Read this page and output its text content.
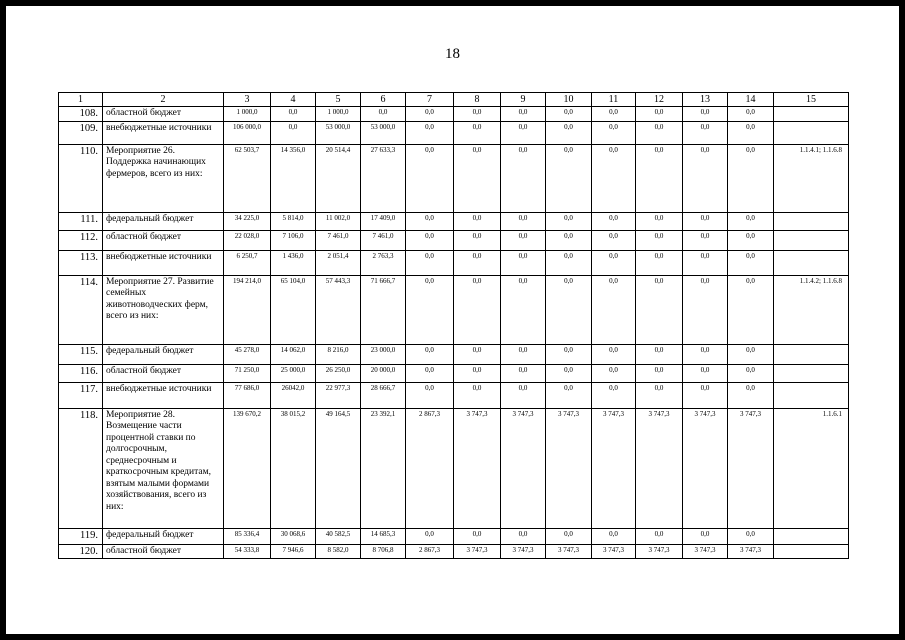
18
1	2	3	4	5	6	7	8	9	10	11	12	13	14	15
108.	областной бюджет	1 000,0	0,0	1 000,0	0,0	0,0	0,0	0,0	0,0	0,0	0,0	0,0	0,0	
109.	внебюджетные источники	106 000,0	0,0	53 000,0	53 000,0	0,0	0,0	0,0	0,0	0,0	0,0	0,0	0,0	
110.	Мероприятие 26. Поддержка начинающих фермеров, всего из них:	62 503,7	14 356,0	20 514,4	27 633,3	0,0	0,0	0,0	0,0	0,0	0,0	0,0	0,0	1.1.4.1; 1.1.6.8
111.	федеральный бюджет	34 225,0	5 814,0	11 002,0	17 409,0	0,0	0,0	0,0	0,0	0,0	0,0	0,0	0,0	
112.	областной бюджет	22 028,0	7 106,0	7 461,0	7 461,0	0,0	0,0	0,0	0,0	0,0	0,0	0,0	0,0	
113.	внебюджетные источники	6 250,7	1 436,0	2 051,4	2 763,3	0,0	0,0	0,0	0,0	0,0	0,0	0,0	0,0	
114.	Мероприятие 27. Развитие семейных животноводческих ферм, всего из них:	194 214,0	65 104,0	57 443,3	71 666,7	0,0	0,0	0,0	0,0	0,0	0,0	0,0	0,0	1.1.4.2; 1.1.6.8
115.	федеральный бюджет	45 278,0	14 062,0	8 216,0	23 000,0	0,0	0,0	0,0	0,0	0,0	0,0	0,0	0,0	
116.	областной бюджет	71 250,0	25 000,0	26 250,0	20 000,0	0,0	0,0	0,0	0,0	0,0	0,0	0,0	0,0	
117.	внебюджетные источники	77 686,0	26042,0	22 977,3	28 666,7	0,0	0,0	0,0	0,0	0,0	0,0	0,0	0,0	
118.	Мероприятие 28. Возмещение части процентной ставки по долгосрочным, среднесрочным и краткосрочным кредитам, взятым малыми формами хозяйствования, всего из них:	139 670,2	38 015,2	49 164,5	23 392,1	2 867,3	3 747,3	3 747,3	3 747,3	3 747,3	3 747,3	3 747,3	3 747,3	1.1.6.1
119.	федеральный бюджет	85 336,4	30 068,6	40 582,5	14 685,3	0,0	0,0	0,0	0,0	0,0	0,0	0,0	0,0	
120.	областной бюджет	54 333,8	7 946,6	8 582,0	8 706,8	2 867,3	3 747,3	3 747,3	3 747,3	3 747,3	3 747,3	3 747,3	3 747,3	
